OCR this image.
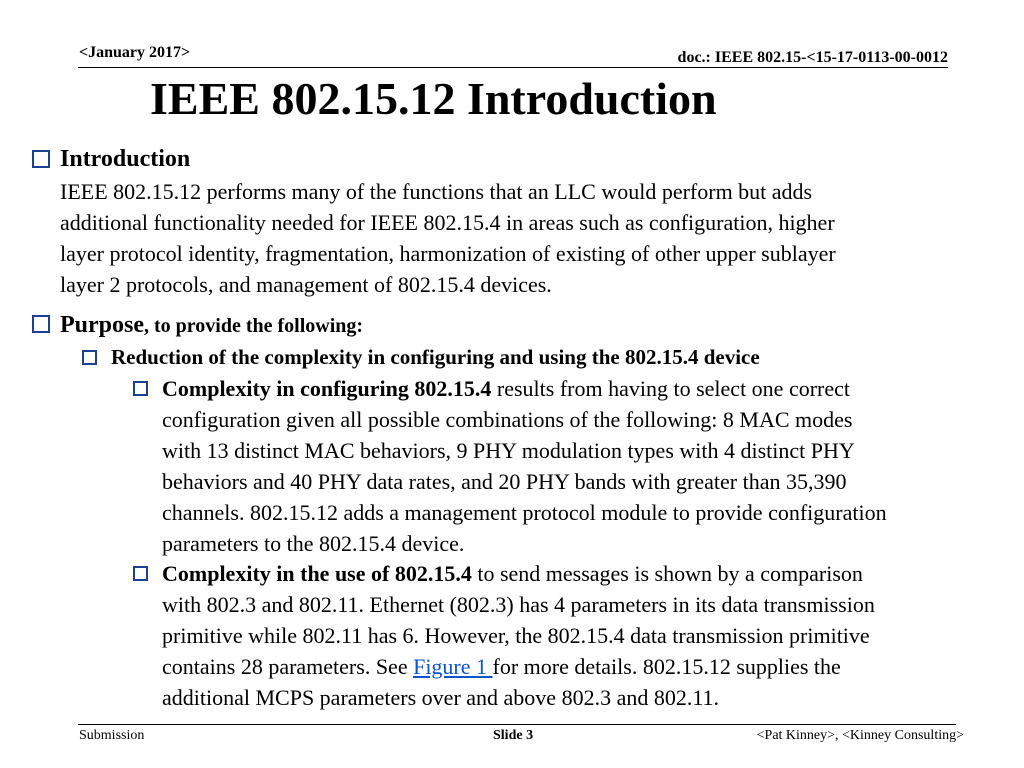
<January 2017>	doc.: IEEE 802.15-<15-17-0113-00-0012
IEEE 802.15.12 Introduction
Introduction
IEEE 802.15.12 performs many of the functions that an LLC would perform but adds
additional functionality needed for IEEE 802.15.4 in areas such as configuration, higher
layer protocol identity, fragmentation, harmonization of existing of other upper sublayer
layer 2 protocols, and management of 802.15.4 devices.
Purpose, to provide the following:
Reduction of the complexity in configuring and using the 802.15.4 device
Complexity in configuring 802.15.4 results from having to select one correct
configuration given all possible combinations of the following: 8 MAC modes
with 13 distinct MAC behaviors, 9 PHY modulation types with 4 distinct PHY
behaviors and 40 PHY data rates, and 20 PHY bands with greater than 35,390
channels. 802.15.12 adds a management protocol module to provide configuration
parameters to the 802.15.4 device.
Complexity in the use of 802.15.4 to send messages is shown by a comparison
with 802.3 and 802.11. Ethernet (802.3) has 4 parameters in its data transmission
primitive while 802.11 has 6. However, the 802.15.4 data transmission primitive
contains 28 parameters. See Figure 1 for more details. 802.15.12 supplies the
additional MCPS parameters over and above 802.3 and 802.11.
Submission	Slide 3	<Pat Kinney>, <Kinney Consulting>
